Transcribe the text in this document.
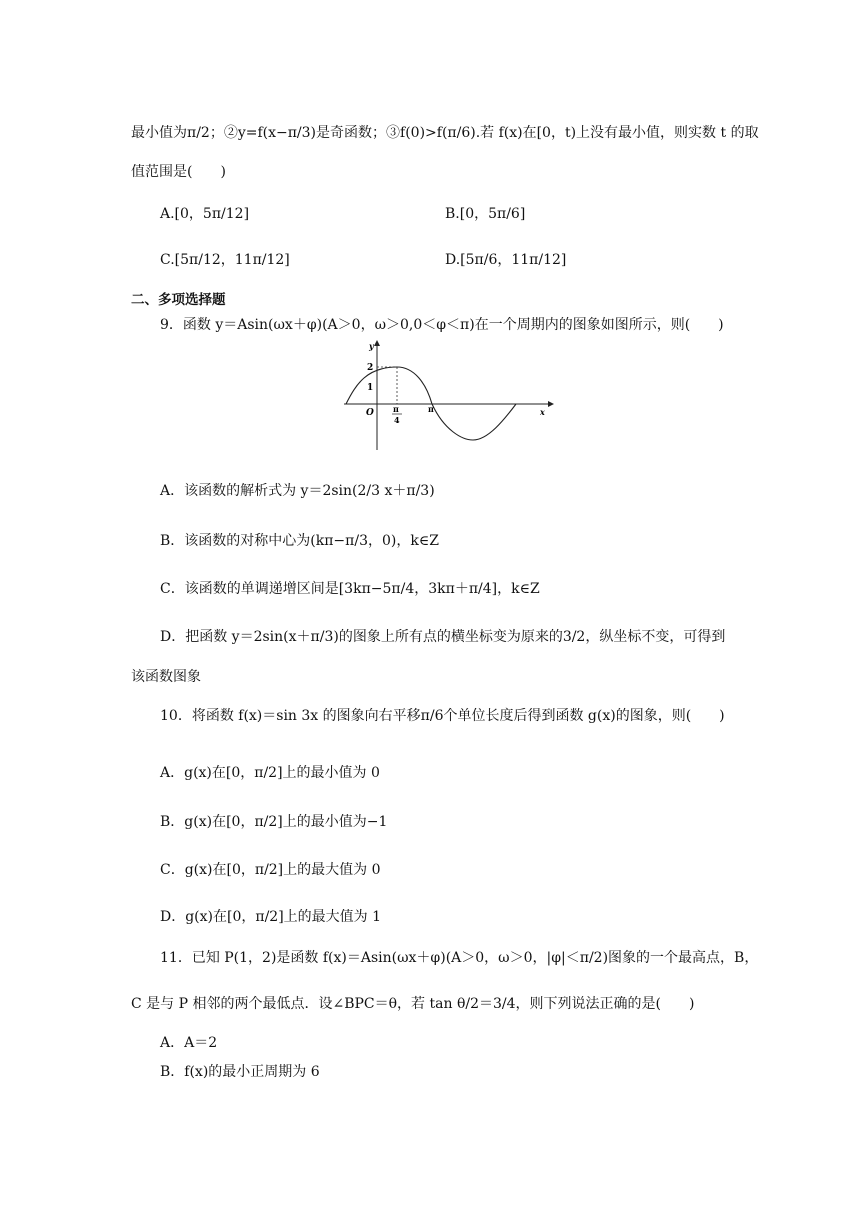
最小值为π/2；②y=f(x−π/3)是奇函数；③f(0)>f(π/6).若 f(x)在[0，t)上没有最小值，则实数 t 的取
值范围是(　　)
A.[0，5π/12]	B.[0，5π/6]
C.[5π/12，11π/12]	D.[5π/6，11π/12]
二、多项选择题
9．函数 y＝Asin(ωx＋φ)(A＞0，ω＞0,0＜φ＜π)在一个周期内的图象如图所示，则(　　)
y
x
2
1
O π
4
π
A．该函数的解析式为 y＝2sin(2/3 x＋π/3)
B．该函数的对称中心为(kπ−π/3，0)，k∈Z
C．该函数的单调递增区间是[3kπ−5π/4，3kπ＋π/4]，k∈Z
D．把函数 y＝2sin(x＋π/3)的图象上所有点的横坐标变为原来的3/2，纵坐标不变，可得到
该函数图象
10．将函数 f(x)＝sin 3x 的图象向右平移π/6个单位长度后得到函数 g(x)的图象，则(　　)
A．g(x)在[0，π/2]上的最小值为 0
B．g(x)在[0，π/2]上的最小值为−1
C．g(x)在[0，π/2]上的最大值为 0
D．g(x)在[0，π/2]上的最大值为 1
11．已知 P(1，2)是函数 f(x)＝Asin(ωx＋φ)(A＞0，ω＞0，|φ|＜π/2)图象的一个最高点，B，
C 是与 P 相邻的两个最低点．设∠BPC＝θ，若 tan θ/2＝3/4，则下列说法正确的是(　　)
A．A＝2
B．f(x)的最小正周期为 6
